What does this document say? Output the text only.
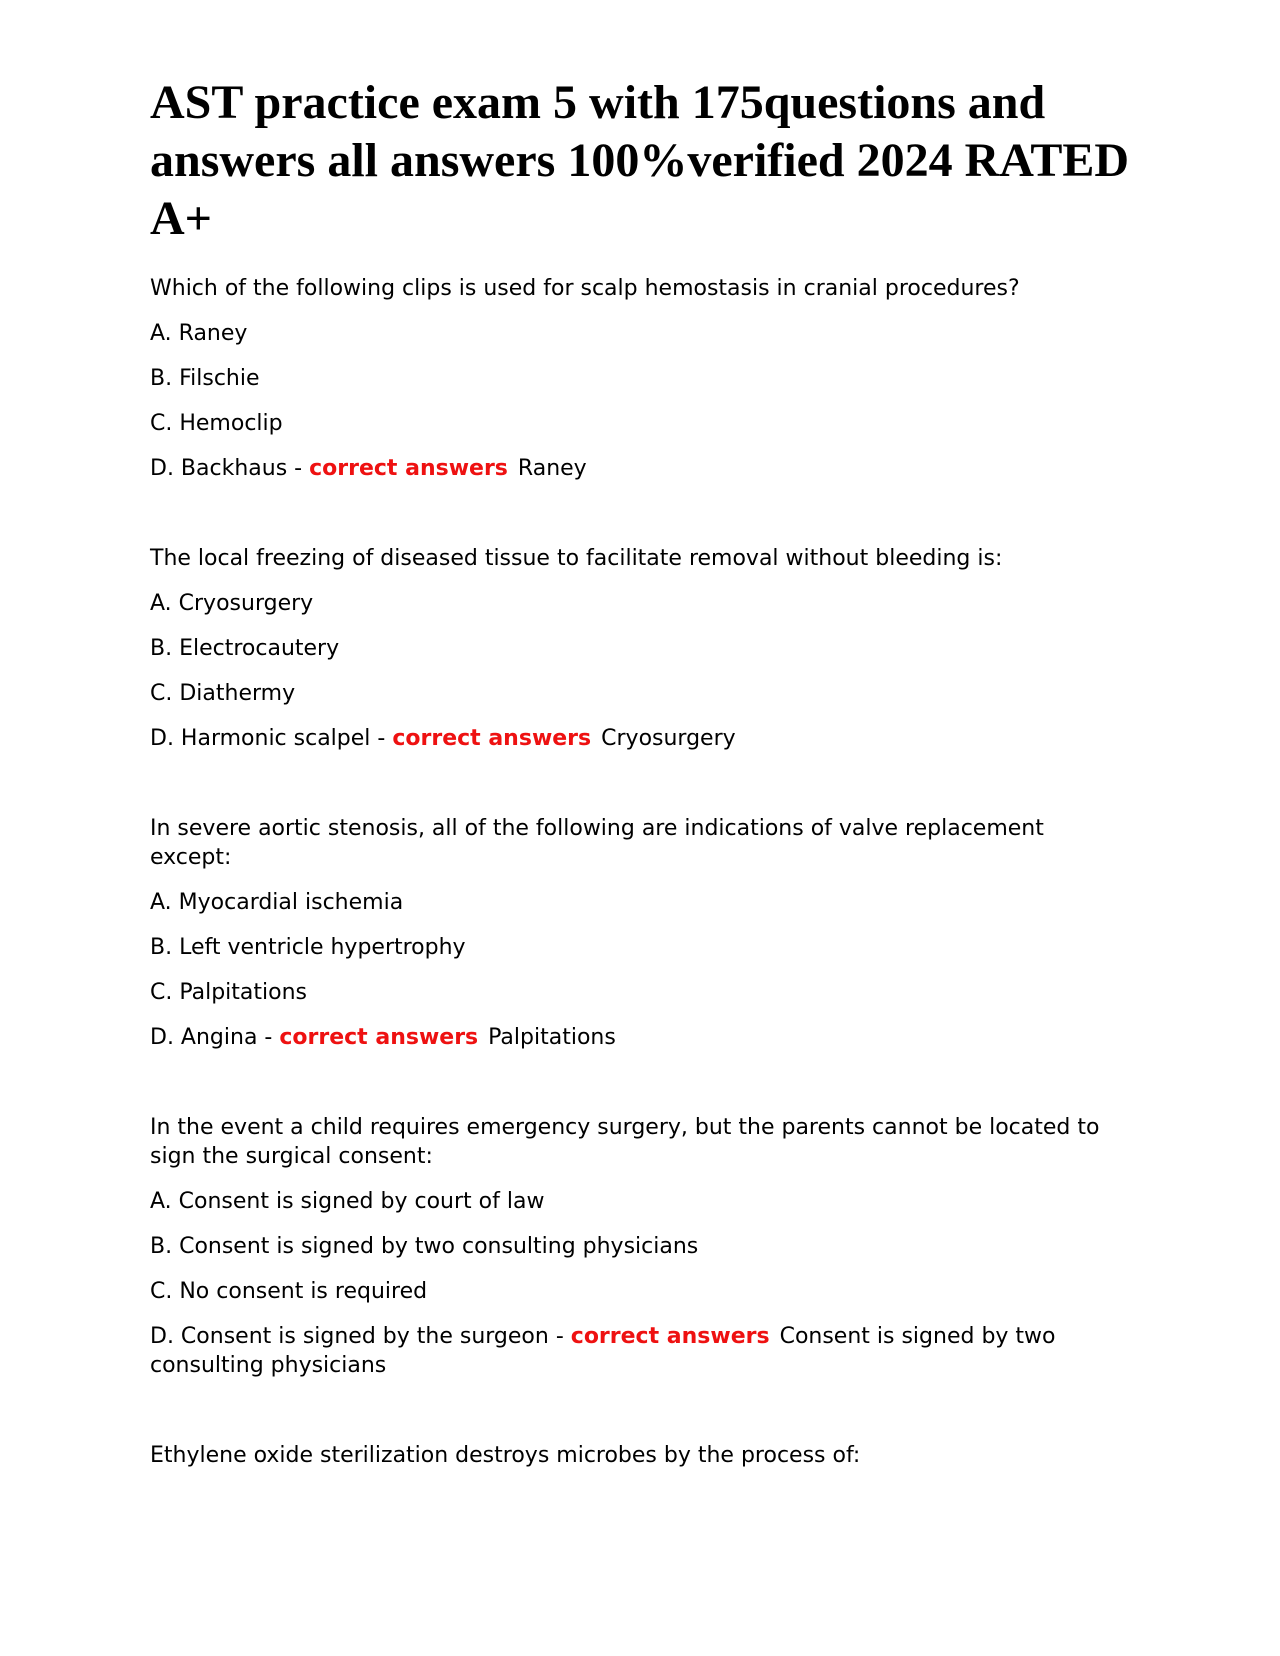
AST practice exam 5 with 175questions and answers all answers 100%verified 2024 RATED A+

Which of the following clips is used for scalp hemostasis in cranial procedures?

A. Raney

B. Filschie

C. Hemoclip

D. Backhaus - correct answers Raney

The local freezing of diseased tissue to facilitate removal without bleeding is:

A. Cryosurgery

B. Electrocautery

C. Diathermy

D. Harmonic scalpel - correct answers Cryosurgery

In severe aortic stenosis, all of the following are indications of valve replacement except:

A. Myocardial ischemia

B. Left ventricle hypertrophy

C. Palpitations

D. Angina - correct answers Palpitations

In the event a child requires emergency surgery, but the parents cannot be located to sign the surgical consent:

A. Consent is signed by court of law

B. Consent is signed by two consulting physicians

C. No consent is required

D. Consent is signed by the surgeon - correct answers Consent is signed by two consulting physicians

Ethylene oxide sterilization destroys microbes by the process of:
